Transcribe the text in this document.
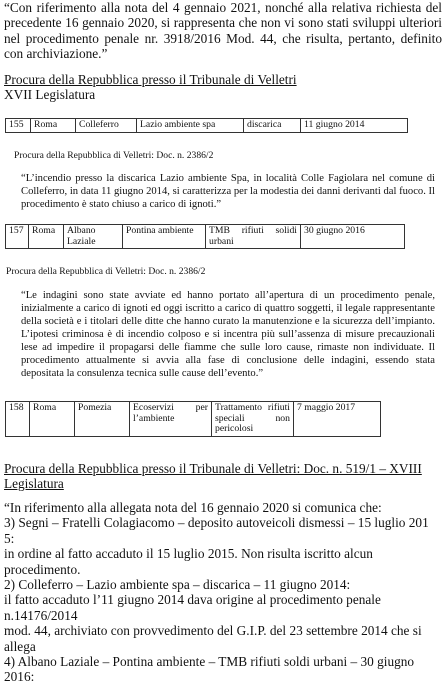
“Con riferimento alla nota del 4 gennaio 2021, nonché alla relativa richiesta del precedente 16 gennaio 2020, si rappresenta che non vi sono stati sviluppi ulteriori nel procedimento penale nr. 3918/2016 Mod. 44, che risulta, pertanto, definito con archiviazione.”
Procura della Repubblica presso il Tribunale di Velletri
XVII Legislatura
155	Roma	Colleferro	Lazio ambiente spa	discarica	11 giugno 2014
Procura della Repubblica di Velletri: Doc. n. 2386/2
“L’incendio presso la discarica Lazio ambiente Spa, in località Colle Fagiolara nel comune di Colleferro, in data 11 giugno 2014, si caratterizza per la modestia dei danni derivanti dal fuoco. Il procedimento è stato chiuso a carico di ignoti.”
157	Roma	Albano Laziale	Pontina ambiente	TMB rifiuti solidi urbani	30 giugno 2016
Procura della Repubblica di Velletri: Doc. n. 2386/2
“Le indagini sono state avviate ed hanno portato all’apertura di un procedimento penale, inizialmente a carico di ignoti ed oggi iscritto a carico di quattro soggetti, il legale rappresentante della società e i titolari delle ditte che hanno curato la manutenzione e la sicurezza dell’impianto. L’ipotesi criminosa è di incendio colposo e si incentra più sull’assenza di misure precauzionali lese ad impedire il propagarsi delle fiamme che sulle loro cause, rimaste non individuate. Il procedimento attualmente si avvia alla fase di conclusione delle indagini, essendo stata depositata la consulenza tecnica sulle cause dell’evento.”
158	Roma	Pomezia	Ecoservizi per l’ambiente	Trattamento rifiuti speciali non pericolosi	7 maggio 2017
Procura della Repubblica presso il Tribunale di Velletri: Doc. n. 519/1 – XVIII Legislatura

“In riferimento alla allegata nota del 16 gennaio 2020 si comunica che:

3) Segni – Fratelli Colagiacomo – deposito autoveicoli dismessi – 15 luglio 201 5:

in ordine al fatto accaduto il 15 luglio 2015. Non risulta iscritto alcun procedimento.

2) Colleferro – Lazio ambiente spa – discarica – 11 giugno 2014:

il fatto accaduto l’11 giugno 2014 dava origine al procedimento penale n.14176/2014

mod. 44, archiviato con provvedimento del G.I.P. del 23 settembre 2014 che si allega

4) Albano Laziale – Pontina ambiente – TMB rifiuti soldi urbani – 30 giugno 2016:
